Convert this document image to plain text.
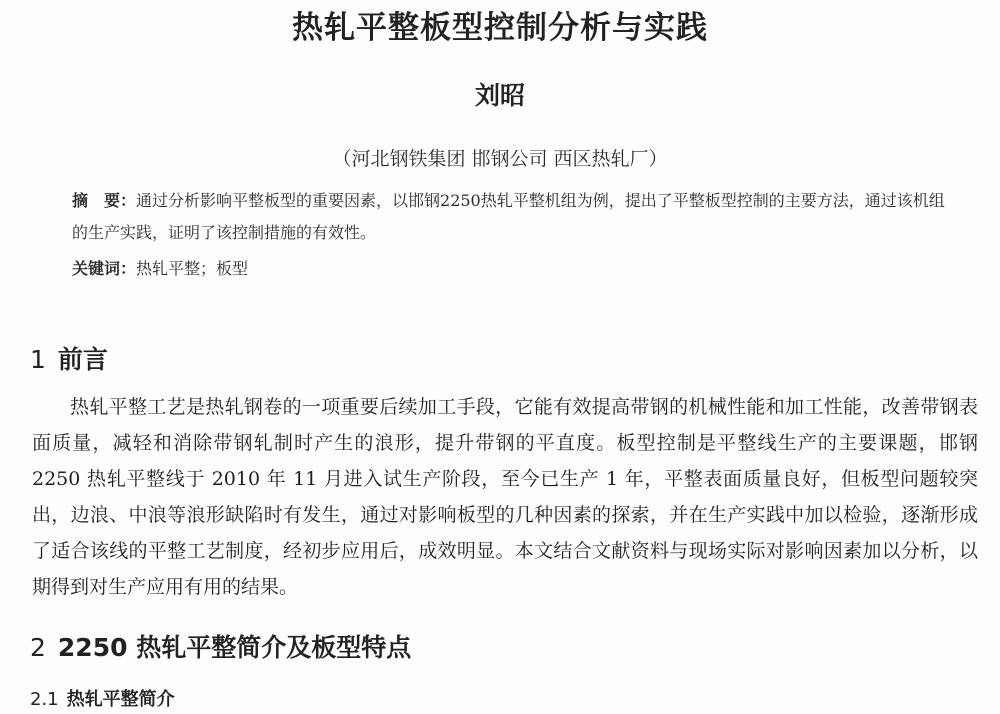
热轧平整板型控制分析与实践
刘昭
（河北钢铁集团 邯钢公司 西区热轧厂）
摘　要：通过分析影响平整板型的重要因素，以邯钢2250热轧平整机组为例，提出了平整板型控制的主要方法，通过该机组的生产实践，证明了该控制措施的有效性。
关键词：热轧平整；板型
1 前言
热轧平整工艺是热轧钢卷的一项重要后续加工手段，它能有效提高带钢的机械性能和加工性能，改善带钢表面质量，减轻和消除带钢轧制时产生的浪形，提升带钢的平直度。板型控制是平整线生产的主要课题，邯钢 2250 热轧平整线于 2010 年 11 月进入试生产阶段，至今已生产 1 年，平整表面质量良好，但板型问题较突出，边浪、中浪等浪形缺陷时有发生，通过对影响板型的几种因素的探索，并在生产实践中加以检验，逐渐形成了适合该线的平整工艺制度，经初步应用后，成效明显。本文结合文献资料与现场实际对影响因素加以分析，以期得到对生产应用有用的结果。
2 2250 热轧平整简介及板型特点
2.1 热轧平整简介
